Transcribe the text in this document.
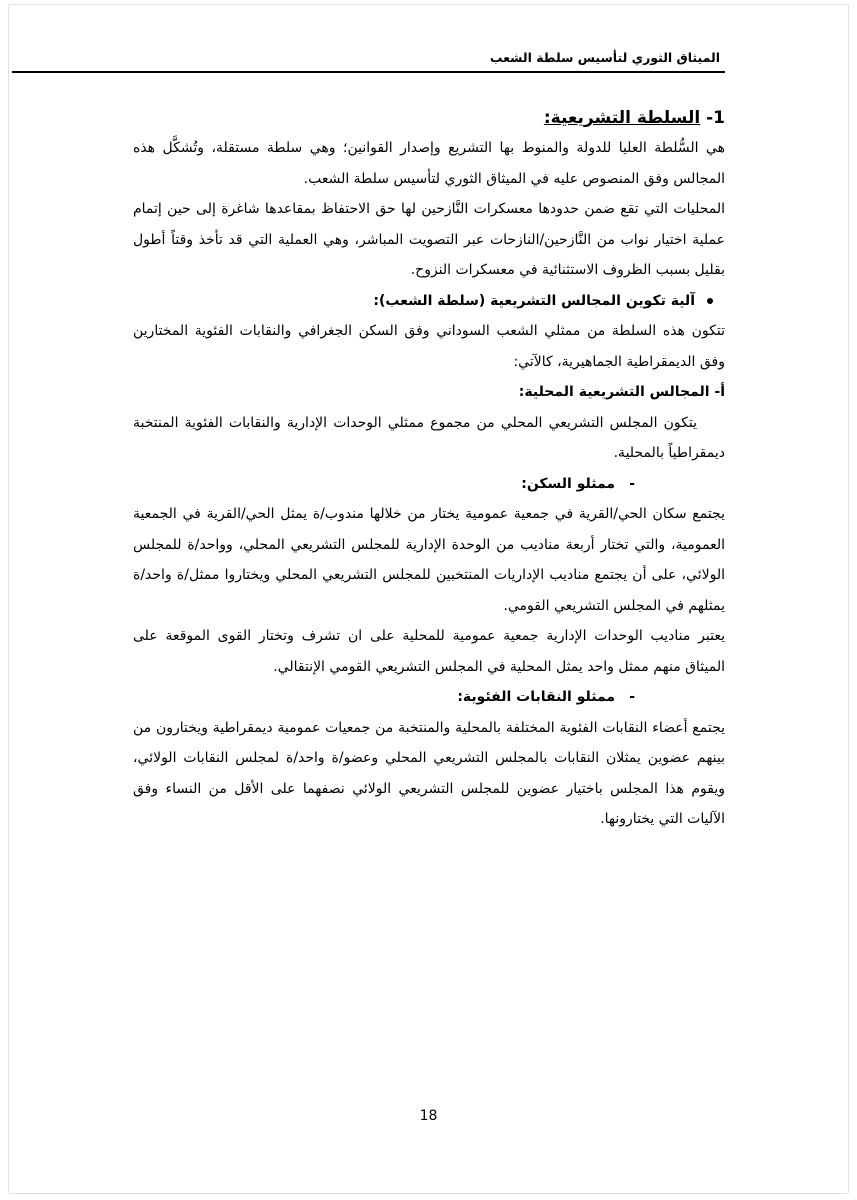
الميثاق الثوري لتأسيس سلطة الشعب

1- السلطة التشريعية:

هي السُّلطة العليا للدولة والمنوط بها التشريع وإصدار القوانين؛ وهي سلطة مستقلة، وتُشكَّل هذه المجالس وفق المنصوص عليه في الميثاق الثوري لتأسيس سلطة الشعب.

المحليات التي تقع ضمن حدودها معسكرات النَّازحين لها حق الاحتفاظ بمقاعدها شاغرة إلى حين إتمام عملية اختيار نواب من النَّازحين/النازحات عبر التصويت المباشر، وهي العملية التي قد تأخذ وقتاً أطول بقليل بسبب الظروف الاستثنائية في معسكرات النزوح.

آلية تكوين المجالس التشريعية (سلطة الشعب):

تتكون هذه السلطة من ممثلي الشعب السوداني وفق السكن الجغرافي والنقابات الفئوية المختارين وفق الديمقراطية الجماهيرية، كالآتي:

أ- المجالس التشريعية المحلية:

يتكون المجلس التشريعي المحلي من مجموع ممثلي الوحدات الإدارية والنقابات الفئوية المنتخبة ديمقراطياً بالمحلية.

-
ممثلو السكن:

يجتمع سكان الحي/القرية في جمعية عمومية يختار من خلالها مندوب/ة يمثل الحي/القرية في الجمعية العمومية، والتي تختار أربعة مناديب من الوحدة الإدارية للمجلس التشريعي المحلي، وواحد/ة للمجلس الولائي، على أن يجتمع مناديب الإداريات المنتخبين للمجلس التشريعي المحلي ويختاروا ممثل/ة واحد/ة يمثلهم في المجلس التشريعي القومي.

يعتبر مناديب الوحدات الإدارية جمعية عمومية للمحلية على ان تشرف وتختار القوى الموقعة على الميثاق منهم ممثل واحد يمثل المحلية في المجلس التشريعي القومي الإنتقالي.

-
ممثلو النقابات الفئوية:

يجتمع أعضاء النقابات الفئوية المختلفة بالمحلية والمنتخبة من جمعيات عمومية ديمقراطية ويختارون من بينهم عضوين يمثلان النقابات بالمجلس التشريعي المحلي وعضو/ة واحد/ة لمجلس النقابات الولائي، ويقوم هذا المجلس باختيار عضوين للمجلس التشريعي الولائي نصفهما على الأقل من النساء وفق الآليات التي يختارونها.

18
